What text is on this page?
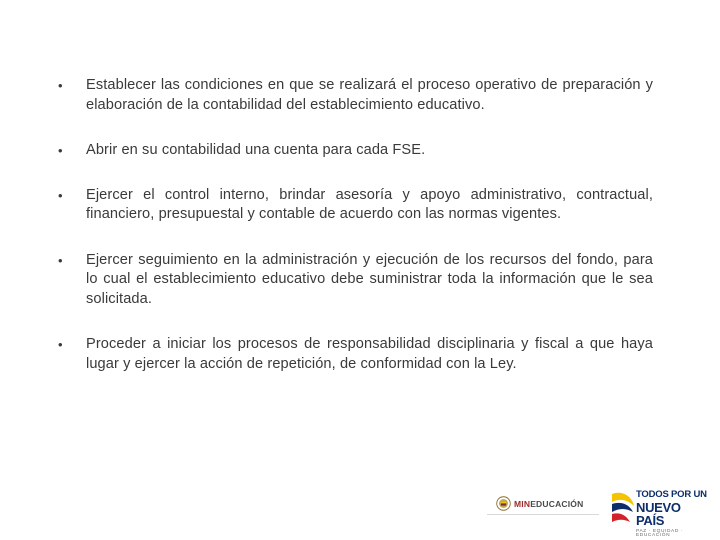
• Establecer las condiciones en que se realizará el proceso operativo de preparación y elaboración de la contabilidad del establecimiento educativo.
• Abrir en su contabilidad una cuenta para cada FSE.
• Ejercer el control interno, brindar asesoría y apoyo administrativo, contractual, financiero, presupuestal y contable de acuerdo con las normas vigentes.
• Ejercer seguimiento en la administración y ejecución de los recursos del fondo, para lo cual el establecimiento educativo debe suministrar toda la información que le sea solicitada.
• Proceder a iniciar los procesos de responsabilidad disciplinaria y fiscal a que haya lugar y ejercer la acción de repetición, de conformidad con la Ley.
MINEDUCACIÓN
TODOS POR UN
NUEVO PAÍS
PAZ · EQUIDAD · EDUCACIÓN
